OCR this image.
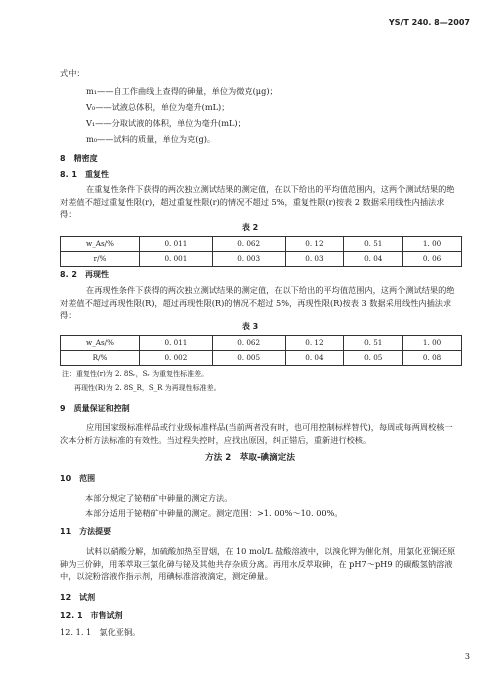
YS/T 240. 8—2007
式中：
m₁——自工作曲线上查得的砷量，单位为微克(μg)；
V₀——试液总体积，单位为毫升(mL)；
V₁——分取试液的体积，单位为毫升(mL)；
m₀——试料的质量，单位为克(g)。
8　精密度
8. 1　重复性
在重复性条件下获得的两次独立测试结果的测定值，在以下给出的平均值范围内，这两个测试结果的绝对差值不超过重复性限(r)，超过重复性限(r)的情况不超过 5%，重复性限(r)按表 2 数据采用线性内插法求得：
表 2
w_As/%	0. 011	0. 062	0. 12	0. 51	1. 00
r/%	0. 001	0. 003	0. 03	0. 04	0. 06
8. 2　再现性
在再现性条件下获得的两次独立测试结果的测定值，在以下给出的平均值范围内，这两个测试结果的绝对差值不超过再现性限(R)，超过再现性限(R)的情况不超过 5%，再现性限(R)按表 3 数据采用线性内插法求得：
表 3
w_As/%	0. 011	0. 062	0. 12	0. 51	1. 00
R/%	0. 002	0. 005	0. 04	0. 05	0. 08
注：重复性(r)为 2. 8Sᵣ，Sᵣ 为重复性标准差。
再现性(R)为 2. 8S_R，S_R 为再现性标准差。
9　质量保证和控制
应用国家级标准样品或行业级标准样品(当前两者没有时，也可用控制标样替代)，每周或每两周校核一次本分析方法标准的有效性。当过程失控时，应找出原因，纠正错后，重新进行校核。
方法 2　萃取-碘滴定法
10　范围
本部分规定了铋精矿中砷量的测定方法。
本部分适用于铋精矿中砷量的测定。测定范围：>1. 00%～10. 00%。
11　方法提要
试料以硝酸分解，加硫酸加热至冒烟，在 10 mol/L 盐酸溶液中，以溴化钾为催化剂，用氯化亚铜还原砷为三价砷，用苯萃取三氯化砷与铋及其他共存杂质分离。再用水反萃取砷，在 pH7～pH9 的碳酸氢钠溶液中，以淀粉溶液作指示剂，用碘标准溶液滴定，测定砷量。
12　试剂
12. 1　市售试剂
12. 1. 1　氯化亚铜。
3
